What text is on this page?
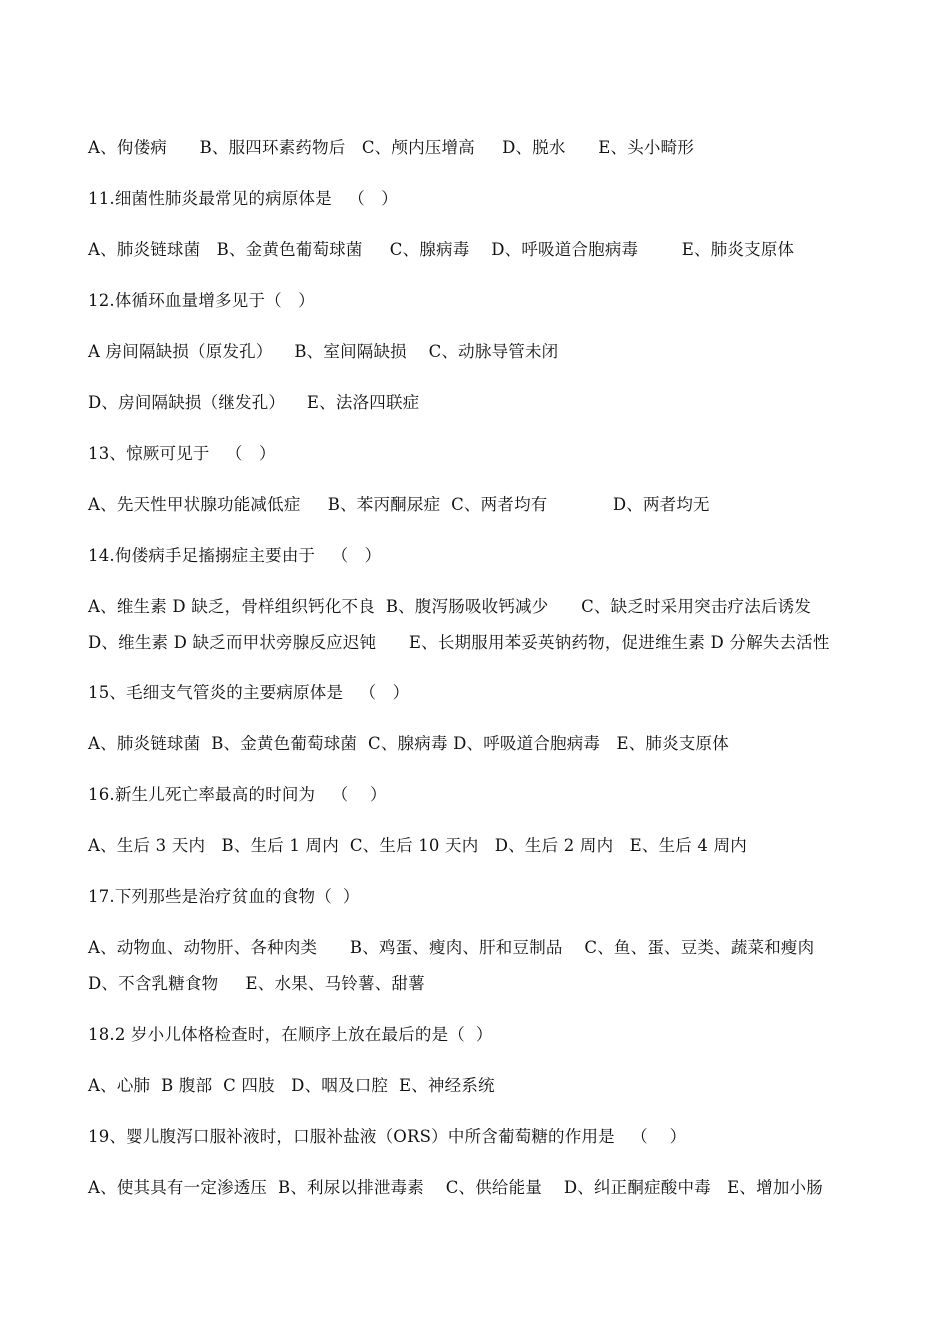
A、佝偻病      B、服四环素药物后   C、颅内压增高     D、脱水      E、头小畸形
11.细菌性肺炎最常见的病原体是   （   ）
A、肺炎链球菌   B、金黄色葡萄球菌     C、腺病毒    D、呼吸道合胞病毒        E、肺炎支原体
12.体循环血量增多见于（   ）
A 房间隔缺损（原发孔）    B、室间隔缺损    C、动脉导管未闭
D、房间隔缺损（继发孔）    E、法洛四联症
13、惊厥可见于   （   ）
A、先天性甲状腺功能减低症     B、苯丙酮尿症  C、两者均有            D、两者均无
14.佝偻病手足搐搦症主要由于   （   ）
A、维生素 D 缺乏，骨样组织钙化不良  B、腹泻肠吸收钙减少      C、缺乏时采用突击疗法后诱发
D、维生素 D 缺乏而甲状旁腺反应迟钝      E、长期服用苯妥英钠药物，促进维生素 D 分解失去活性
15、毛细支气管炎的主要病原体是   （   ）
A、肺炎链球菌  B、金黄色葡萄球菌  C、腺病毒 D、呼吸道合胞病毒   E、肺炎支原体
16.新生儿死亡率最高的时间为   （    ）
A、生后 3 天内   B、生后 1 周内  C、生后 10 天内   D、生后 2 周内   E、生后 4 周内
17.下列那些是治疗贫血的食物（  ）
A、动物血、动物肝、各种肉类      B、鸡蛋、瘦肉、肝和豆制品    C、鱼、蛋、豆类、蔬菜和瘦肉
D、不含乳糖食物     E、水果、马铃薯、甜薯
18.2 岁小儿体格检查时，在顺序上放在最后的是（  ）
A、心肺  B 腹部  C 四肢   D、咽及口腔  E、神经系统
19、婴儿腹泻口服补液时，口服补盐液（ORS）中所含葡萄糖的作用是   （    ）
A、使其具有一定渗透压  B、利尿以排泄毒素    C、供给能量    D、纠正酮症酸中毒   E、增加小肠
